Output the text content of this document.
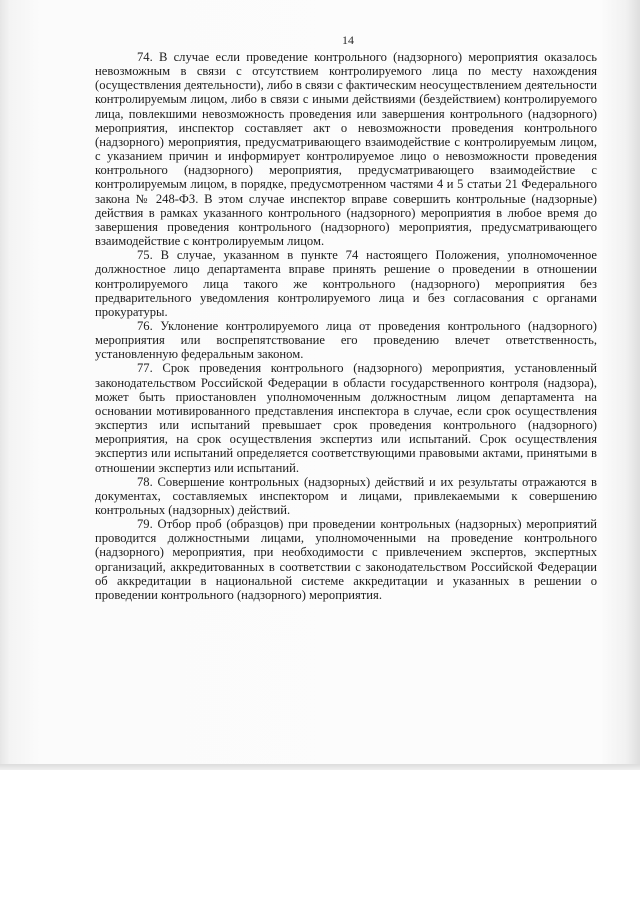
14

74. В случае если проведение контрольного (надзорного) мероприятия оказалось невозможным в связи с отсутствием контролируемого лица по месту нахождения (осуществления деятельности), либо в связи с фактическим неосуществлением деятельности контролируемым лицом, либо в связи с иными действиями (бездействием) контролируемого лица, повлекшими невозможность проведения или завершения контрольного (надзорного) мероприятия, инспектор составляет акт о невозможности проведения контрольного (надзорного) мероприятия, предусматривающего взаимодействие с контролируемым лицом, с указанием причин и информирует контролируемое лицо о невозможности проведения контрольного (надзорного) мероприятия, предусматривающего взаимодействие с контролируемым лицом, в порядке, предусмотренном частями 4 и 5 статьи 21 Федерального закона № 248-ФЗ. В этом случае инспектор вправе совершить контрольные (надзорные) действия в рамках указанного контрольного (надзорного) мероприятия в любое время до завершения проведения контрольного (надзорного) мероприятия, предусматривающего взаимодействие с контролируемым лицом.

75. В случае, указанном в пункте 74 настоящего Положения, уполномоченное должностное лицо департамента вправе принять решение о проведении в отношении контролируемого лица такого же контрольного (надзорного) мероприятия без предварительного уведомления контролируемого лица и без согласования с органами прокуратуры.

76. Уклонение контролируемого лица от проведения контрольного (надзорного) мероприятия или воспрепятствование его проведению влечет ответственность, установленную федеральным законом.

77. Срок проведения контрольного (надзорного) мероприятия, установленный законодательством Российской Федерации в области государственного контроля (надзора), может быть приостановлен уполномоченным должностным лицом департамента на основании мотивированного представления инспектора в случае, если срок осуществления экспертиз или испытаний превышает срок проведения контрольного (надзорного) мероприятия, на срок осуществления экспертиз или испытаний. Срок осуществления экспертиз или испытаний определяется соответствующими правовыми актами, принятыми в отношении экспертиз или испытаний.

78. Совершение контрольных (надзорных) действий и их результаты отражаются в документах, составляемых инспектором и лицами, привлекаемыми к совершению контрольных (надзорных) действий.

79. Отбор проб (образцов) при проведении контрольных (надзорных) мероприятий проводится должностными лицами, уполномоченными на проведение контрольного (надзорного) мероприятия, при необходимости с привлечением экспертов, экспертных организаций, аккредитованных в соответствии с законодательством Российской Федерации об аккредитации в национальной системе аккредитации и указанных в решении о проведении контрольного (надзорного) мероприятия.
